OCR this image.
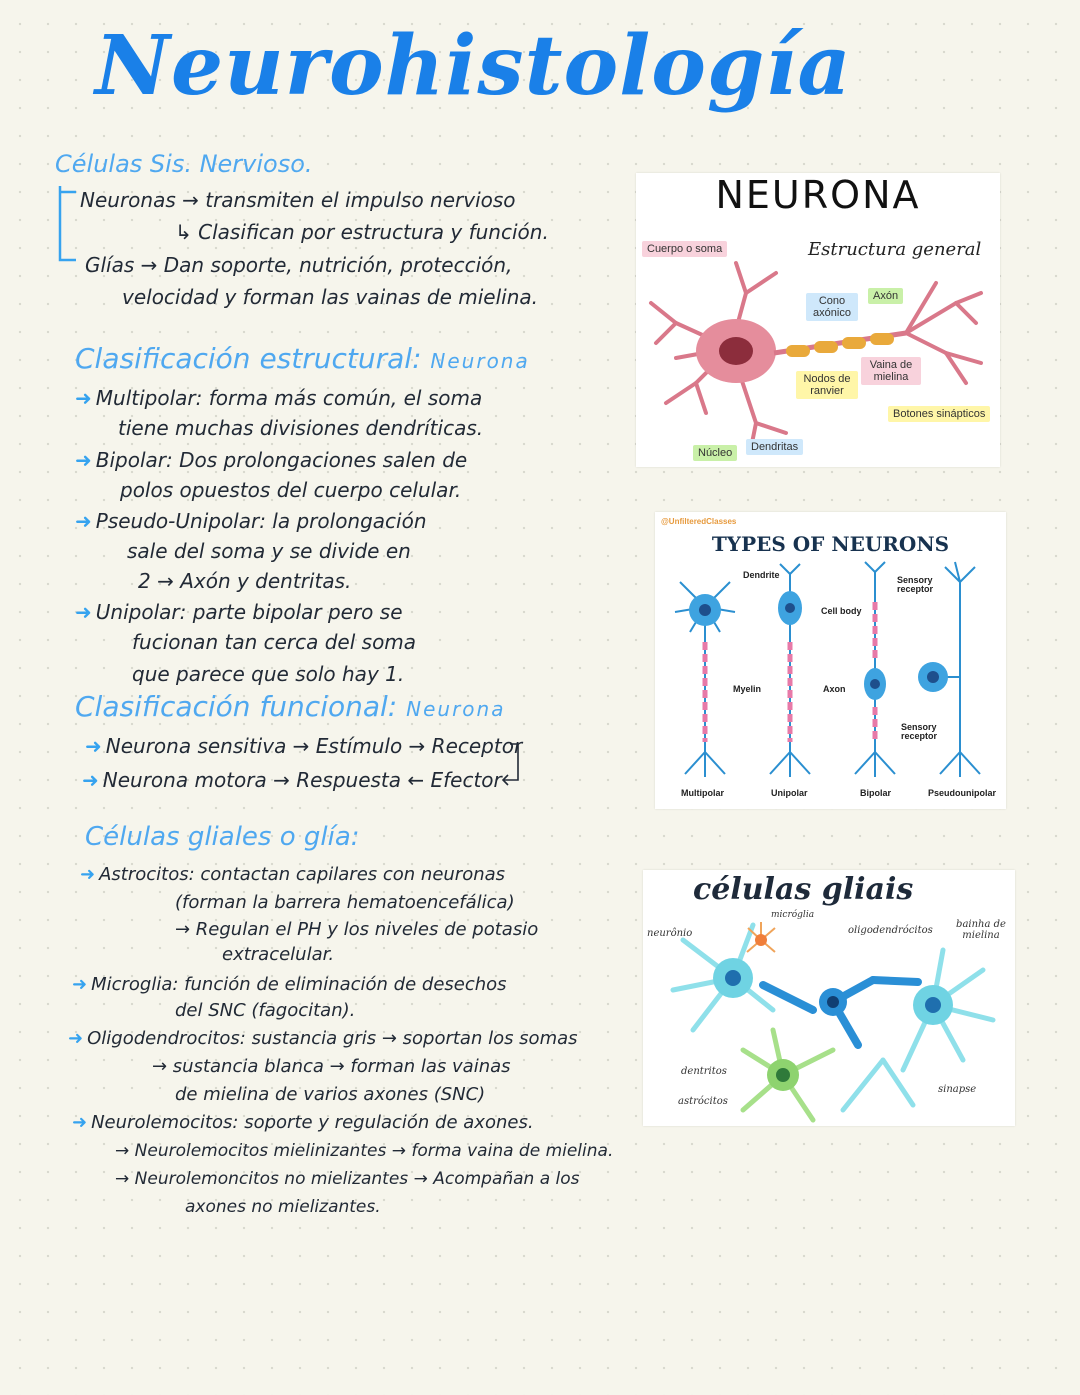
Neurohistología
Células Sis. Nervioso.
Neuronas → transmiten el impulso nervioso
↳ Clasifican por estructura y función.
Glías → Dan soporte, nutrición, protección,
velocidad y forman las vainas de mielina.
Clasificación estructural: Neurona
➜ Multipolar: forma más común, el soma
tiene muchas divisiones dendríticas.
➜ Bipolar: Dos prolongaciones salen de
polos opuestos del cuerpo celular.
➜ Pseudo-Unipolar: la prolongación
sale del soma y se divide en
2 → Axón y dentritas.
➜ Unipolar: parte bipolar pero se
fucionan tan cerca del soma
que parece que solo hay 1.
Clasificación funcional: Neurona
➜ Neurona sensitiva → Estímulo → Receptor
➜ Neurona motora → Respuesta ← Efector
Células gliales o glía:
➜ Astrocitos: contactan capilares con neuronas
(forman la barrera hematoencefálica)
→ Regulan el PH y los niveles de potasio
extracelular.
➜ Microglia: función de eliminación de desechos
del SNC (fagocitan).
➜ Oligodendrocitos: sustancia gris → soportan los somas
→ sustancia blanca → forman las vainas
de mielina de varios axones (SNC)
➜ Neurolemocitos: soporte y regulación de axones.
→ Neurolemocitos mielinizantes → forma vaina de mielina.
→ Neurolemoncitos no mielizantes → Acompañan a los
axones no mielizantes.
NEURONA
Estructura general
Cuerpo o soma
Cono axónico
Axón
Vaina de mielina
Nodos de ranvier
Botones sinápticos
Núcleo	Dendritas
@UnfilteredClasses
TYPES OF NEURONS
Dendrite
Cell body
Myelin	Axon
Sensory receptor
Sensory receptor
Multipolar	Unipolar	Bipolar	Pseudounipolar
células gliais
neurônio
micróglia
oligodendrócitos
bainha de mielina
dentritos
astrócitos
sinapse
